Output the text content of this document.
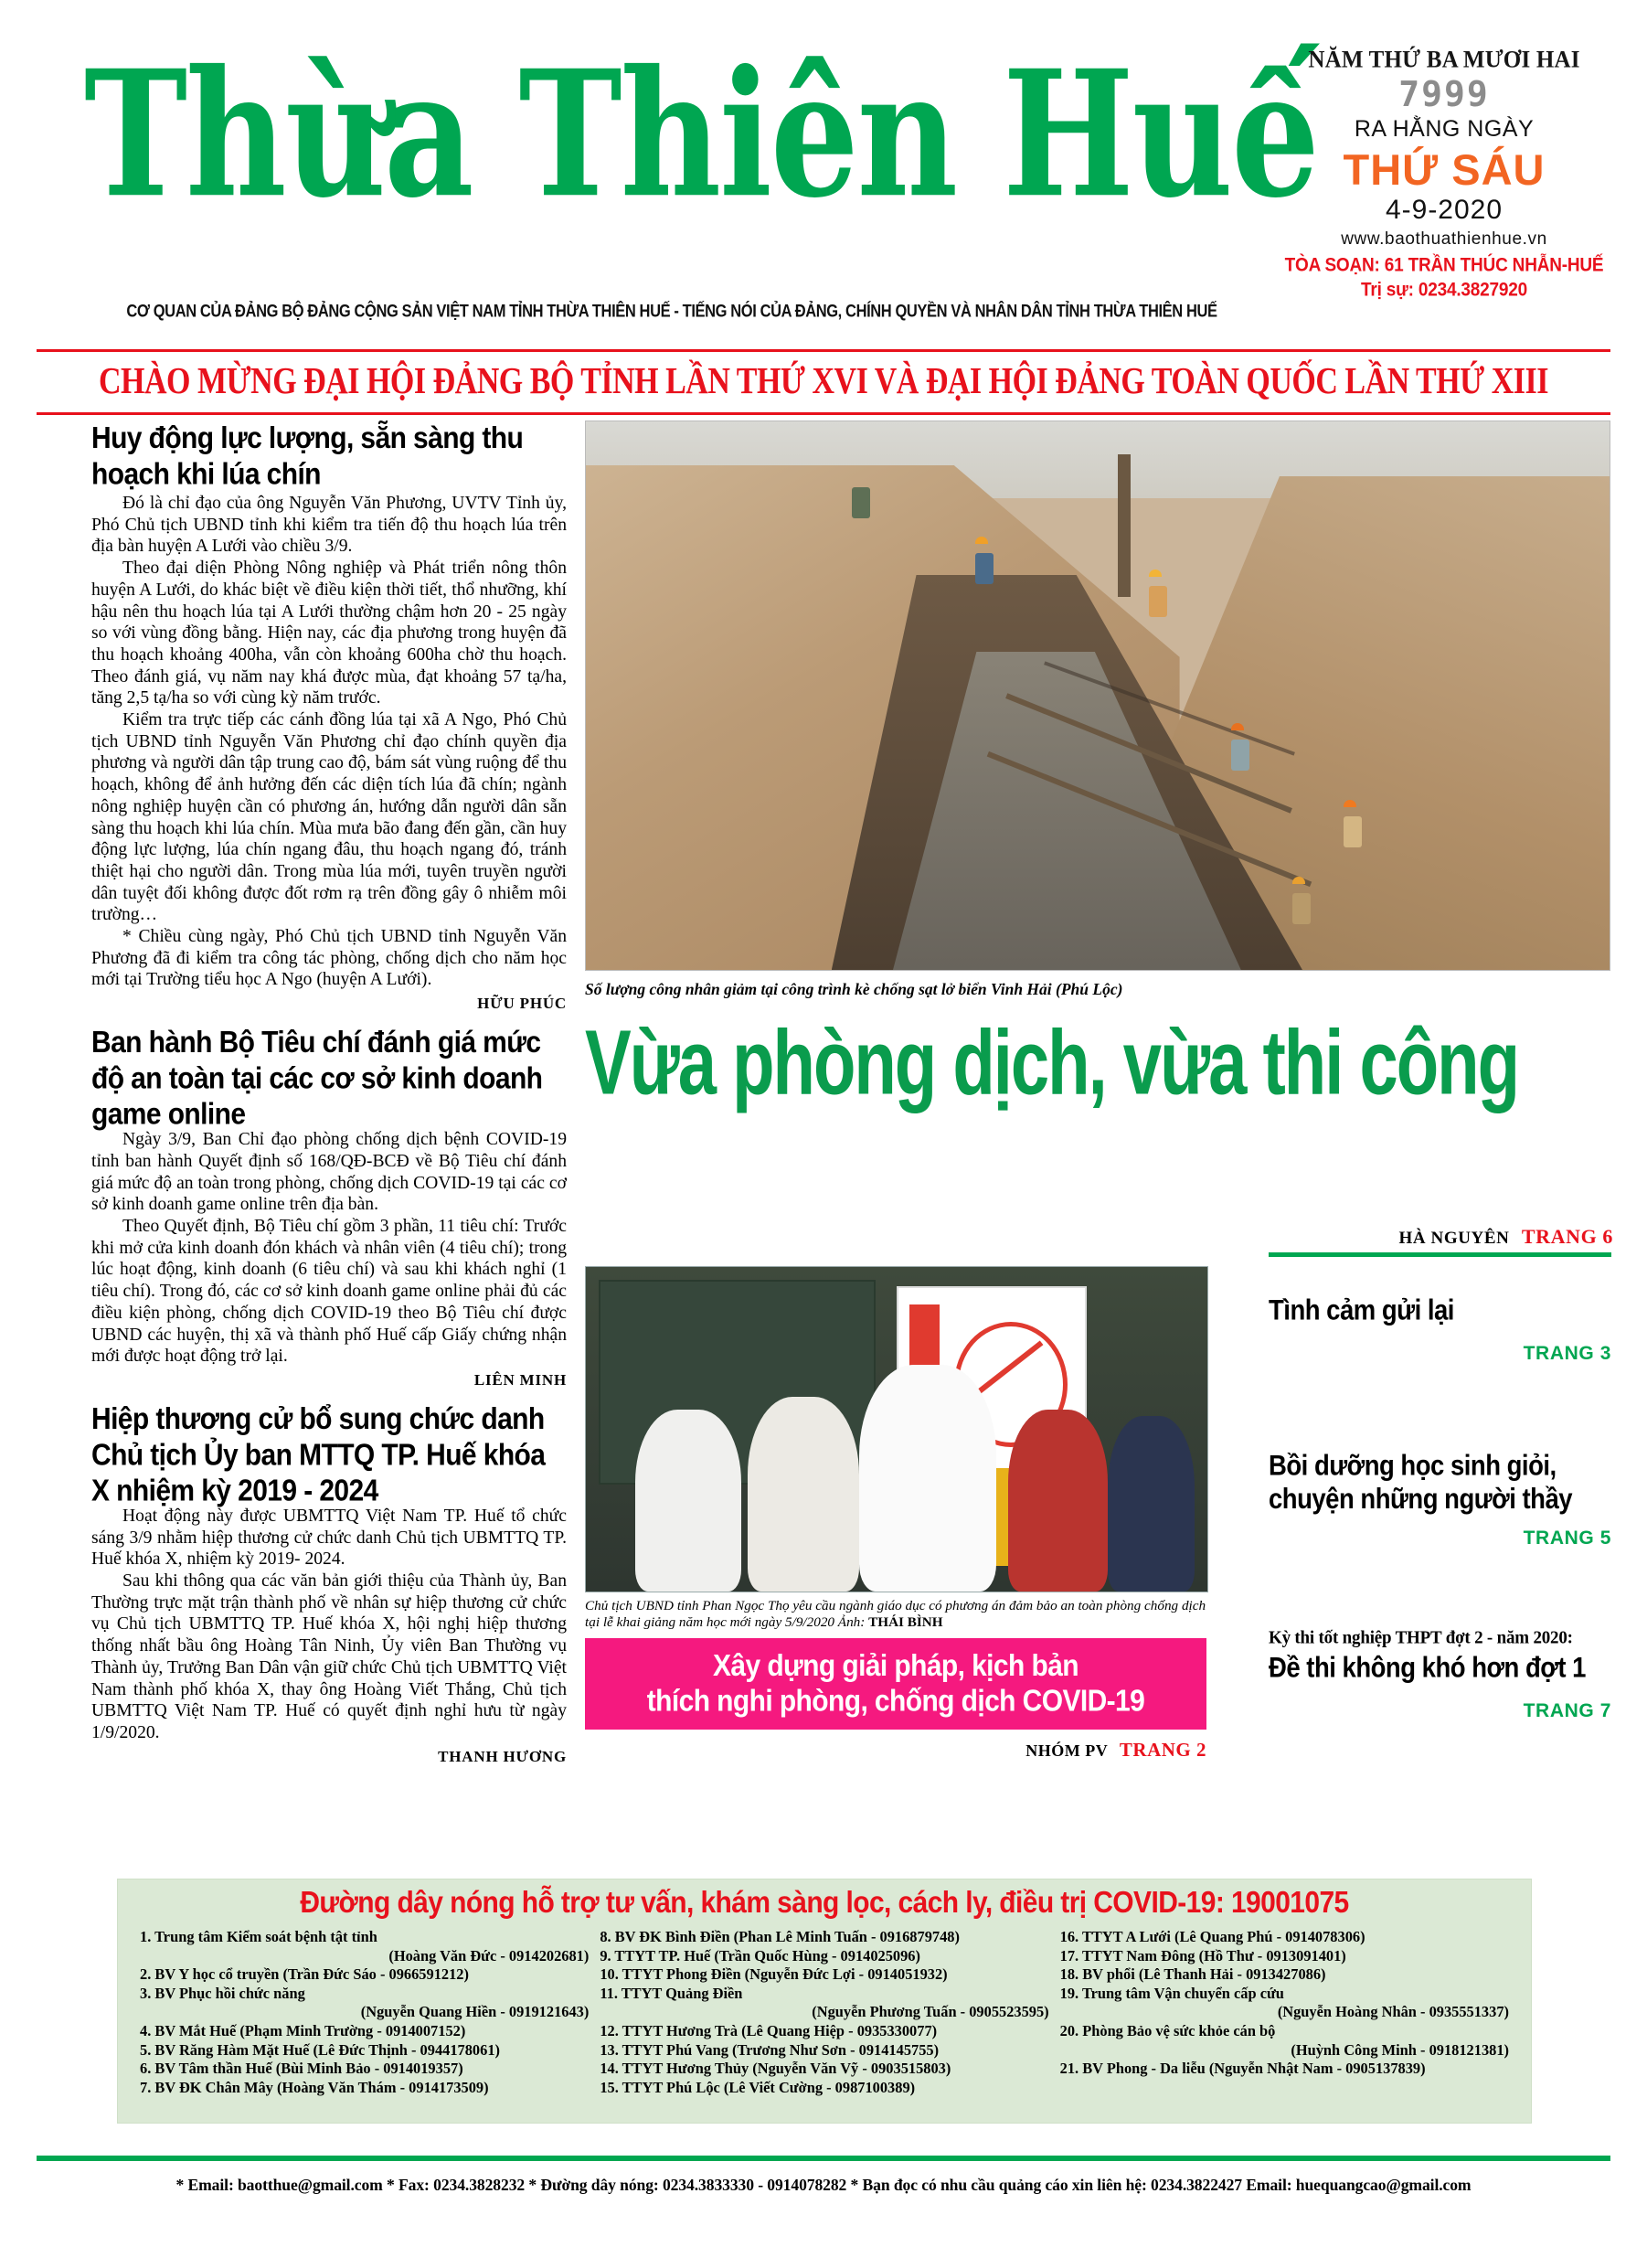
Thừa Thiên Huế
CƠ QUAN CỦA ĐẢNG BỘ ĐẢNG CỘNG SẢN VIỆT NAM TỈNH THỪA THIÊN HUẾ - TIẾNG NÓI CỦA ĐẢNG, CHÍNH QUYỀN VÀ NHÂN DÂN TỈNH THỪA THIÊN HUẾ
NĂM THỨ BA MƯƠI HAI
7999
RA HẰNG NGÀY
THỨ SÁU
4-9-2020
www.baothuathienhue.vn
TÒA SOẠN: 61 TRẦN THÚC NHẪN-HUẾ
Trị sự: 0234.3827920
CHÀO MỪNG ĐẠI HỘI ĐẢNG BỘ TỈNH LẦN THỨ XVI VÀ ĐẠI HỘI ĐẢNG TOÀN QUỐC LẦN THỨ XIII
Huy động lực lượng, sẵn sàng thu hoạch khi lúa chín

Đó là chỉ đạo của ông Nguyễn Văn Phương, UVTV Tỉnh ủy, Phó Chủ tịch UBND tỉnh khi kiểm tra tiến độ thu hoạch lúa trên địa bàn huyện A Lưới vào chiều 3/9.

Theo đại diện Phòng Nông nghiệp và Phát triển nông thôn huyện A Lưới, do khác biệt về điều kiện thời tiết, thổ nhưỡng, khí hậu nên thu hoạch lúa tại A Lưới thường chậm hơn 20 - 25 ngày so với vùng đồng bằng. Hiện nay, các địa phương trong huyện đã thu hoạch khoảng 400ha, vẫn còn khoảng 600ha chờ thu hoạch. Theo đánh giá, vụ năm nay khá được mùa, đạt khoảng 57 tạ/ha, tăng 2,5 tạ/ha so với cùng kỳ năm trước.

Kiểm tra trực tiếp các cánh đồng lúa tại xã A Ngo, Phó Chủ tịch UBND tỉnh Nguyễn Văn Phương chỉ đạo chính quyền địa phương và người dân tập trung cao độ, bám sát vùng ruộng để thu hoạch, không để ảnh hưởng đến các diện tích lúa đã chín; ngành nông nghiệp huyện cần có phương án, hướng dẫn người dân sẵn sàng thu hoạch khi lúa chín. Mùa mưa bão đang đến gần, cần huy động lực lượng, lúa chín ngang đâu, thu hoạch ngang đó, tránh thiệt hại cho người dân. Trong mùa lúa mới, tuyên truyền người dân tuyệt đối không được đốt rơm rạ trên đồng gây ô nhiễm môi trường…

* Chiều cùng ngày, Phó Chủ tịch UBND tỉnh Nguyễn Văn Phương đã đi kiểm tra công tác phòng, chống dịch cho năm học mới tại Trường tiểu học A Ngo (huyện A Lưới).

HỮU PHÚC
Ban hành Bộ Tiêu chí đánh giá mức độ an toàn tại các cơ sở kinh doanh game online

Ngày 3/9, Ban Chỉ đạo phòng chống dịch bệnh COVID-19 tỉnh ban hành Quyết định số 168/QĐ-BCĐ về Bộ Tiêu chí đánh giá mức độ an toàn trong phòng, chống dịch COVID-19 tại các cơ sở kinh doanh game online trên địa bàn.

Theo Quyết định, Bộ Tiêu chí gồm 3 phần, 11 tiêu chí: Trước khi mở cửa kinh doanh đón khách và nhân viên (4 tiêu chí); trong lúc hoạt động, kinh doanh (6 tiêu chí) và sau khi khách nghỉ (1 tiêu chí). Trong đó, các cơ sở kinh doanh game online phải đủ các điều kiện phòng, chống dịch COVID-19 theo Bộ Tiêu chí được UBND các huyện, thị xã và thành phố Huế cấp Giấy chứng nhận mới được hoạt động trở lại.

LIÊN MINH
Hiệp thương cử bổ sung chức danh Chủ tịch Ủy ban MTTQ TP. Huế khóa X nhiệm kỳ 2019 - 2024

Hoạt động này được UBMTTQ Việt Nam TP. Huế tổ chức sáng 3/9 nhằm hiệp thương cử chức danh Chủ tịch UBMTTQ TP. Huế khóa X, nhiệm kỳ 2019- 2024.

Sau khi thông qua các văn bản giới thiệu của Thành ủy, Ban Thường trực mặt trận thành phố về nhân sự hiệp thương cử chức vụ Chủ tịch UBMTTQ TP. Huế khóa X, hội nghị hiệp thương thống nhất bầu ông Hoàng Tân Ninh, Ủy viên Ban Thường vụ Thành ủy, Trưởng Ban Dân vận giữ chức Chủ tịch UBMTTQ Việt Nam thành phố khóa X, thay ông Hoàng Viết Thắng, Chủ tịch UBMTTQ Việt Nam TP. Huế có quyết định nghỉ hưu từ ngày 1/9/2020.

THANH HƯƠNG
Số lượng công nhân giảm tại công trình kè chống sạt lở biển Vinh Hải (Phú Lộc)
Vừa phòng dịch, vừa thi công
HÀ NGUYÊN TRANG 6
Chủ tịch UBND tỉnh Phan Ngọc Thọ yêu cầu ngành giáo dục có phương án đảm bảo an toàn phòng chống dịch tại lễ khai giảng năm học mới ngày 5/9/2020 Ảnh: THÁI BÌNH
Xây dựng giải pháp, kịch bản
thích nghi phòng, chống dịch COVID-19
NHÓM PV TRANG 2
Tình cảm gửi lại
TRANG 3
Bồi dưỡng học sinh giỏi, chuyện những người thầy
TRANG 5
Kỳ thi tốt nghiệp THPT đợt 2 - năm 2020:
Đề thi không khó hơn đợt 1
TRANG 7
Đường dây nóng hỗ trợ tư vấn, khám sàng lọc, cách ly, điều trị COVID-19: 19001075
1. Trung tâm Kiểm soát bệnh tật tỉnh
(Hoàng Văn Đức - 0914202681)
2. BV Y học cổ truyền (Trần Đức Sáo - 0966591212)
3. BV Phục hồi chức năng
(Nguyễn Quang Hiền - 0919121643)
4. BV Mắt Huế (Phạm Minh Trường - 0914007152)
5. BV Răng Hàm Mặt Huế (Lê Đức Thịnh - 0944178061)
6. BV Tâm thần Huế (Bùi Minh Bảo - 0914019357)
7. BV ĐK Chân Mây (Hoàng Văn Thám - 0914173509)
8. BV ĐK Bình Điền (Phan Lê Minh Tuấn - 0916879748)
9. TTYT TP. Huế (Trần Quốc Hùng - 0914025096)
10. TTYT Phong Điền (Nguyễn Đức Lợi - 0914051932)
11. TTYT Quảng Điền
(Nguyễn Phương Tuấn - 0905523595)
12. TTYT Hương Trà (Lê Quang Hiệp - 0935330077)
13. TTYT Phú Vang (Trương Như Sơn - 0914145755)
14. TTYT Hương Thủy (Nguyễn Văn Vỹ - 0903515803)
15. TTYT Phú Lộc (Lê Viết Cường - 0987100389)
16. TTYT A Lưới (Lê Quang Phú - 0914078306)
17. TTYT Nam Đông (Hồ Thư - 0913091401)
18. BV phổi (Lê Thanh Hải - 0913427086)
19. Trung tâm Vận chuyển cấp cứu
(Nguyễn Hoàng Nhân - 0935551337)
20. Phòng Bảo vệ sức khỏe cán bộ
(Huỳnh Công Minh - 0918121381)
21. BV Phong - Da liễu (Nguyễn Nhật Nam - 0905137839)
* Email: baotthue@gmail.com * Fax: 0234.3828232 * Đường dây nóng: 0234.3833330 - 0914078282 * Bạn đọc có nhu cầu quảng cáo xin liên hệ: 0234.3822427 Email: huequangcao@gmail.com
